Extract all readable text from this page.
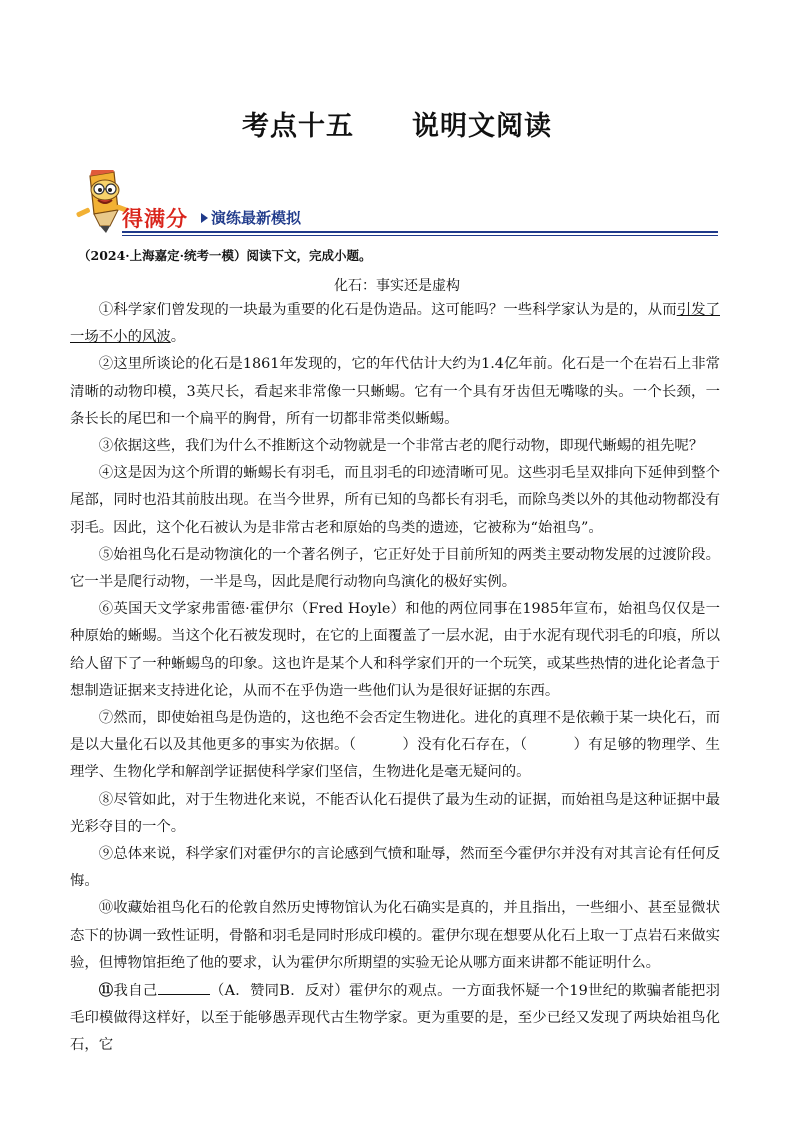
考点十五 说明文阅读
得满分 演练最新模拟
（2024·上海嘉定·统考一模）阅读下文，完成小题。
化石：事实还是虚构

①科学家们曾发现的一块最为重要的化石是伪造品。这可能吗？一些科学家认为是的，从而引发了一场不小的风波。

②这里所谈论的化石是1861年发现的，它的年代估计大约为1.4亿年前。化石是一个在岩石上非常清晰的动物印模，3英尺长，看起来非常像一只蜥蜴。它有一个具有牙齿但无嘴喙的头。一个长颈，一条长长的尾巴和一个扁平的胸骨，所有一切都非常类似蜥蜴。

③依据这些，我们为什么不推断这个动物就是一个非常古老的爬行动物，即现代蜥蜴的祖先呢？

④这是因为这个所谓的蜥蜴长有羽毛，而且羽毛的印迹清晰可见。这些羽毛呈双排向下延伸到整个尾部，同时也沿其前肢出现。在当今世界，所有已知的鸟都长有羽毛，而除鸟类以外的其他动物都没有羽毛。因此，这个化石被认为是非常古老和原始的鸟类的遗迹，它被称为“始祖鸟”。

⑤始祖鸟化石是动物演化的一个著名例子，它正好处于目前所知的两类主要动物发展的过渡阶段。它一半是爬行动物，一半是鸟，因此是爬行动物向鸟演化的极好实例。

⑥英国天文学家弗雷德·霍伊尔（Fred Hoyle）和他的两位同事在1985年宣布，始祖鸟仅仅是一种原始的蜥蜴。当这个化石被发现时，在它的上面覆盖了一层水泥，由于水泥有现代羽毛的印痕，所以给人留下了一种蜥蜴鸟的印象。这也许是某个人和科学家们开的一个玩笑，或某些热情的进化论者急于想制造证据来支持进化论，从而不在乎伪造一些他们认为是很好证据的东西。

⑦然而，即使始祖鸟是伪造的，这也绝不会否定生物进化。进化的真理不是依赖于某一块化石，而是以大量化石以及其他更多的事实为依据。（	）没有化石存在，（	）有足够的物理学、生理学、生物化学和解剖学证据使科学家们坚信，生物进化是毫无疑问的。

⑧尽管如此，对于生物进化来说，不能否认化石提供了最为生动的证据，而始祖鸟是这种证据中最光彩夺目的一个。

⑨总体来说，科学家们对霍伊尔的言论感到气愤和耻辱，然而至今霍伊尔并没有对其言论有任何反悔。

⑩收藏始祖鸟化石的伦敦自然历史博物馆认为化石确实是真的，并且指出，一些细小、甚至显微状态下的协调一致性证明，骨骼和羽毛是同时形成印模的。霍伊尔现在想要从化石上取一丁点岩石来做实验，但博物馆拒绝了他的要求，认为霍伊尔所期望的实验无论从哪方面来讲都不能证明什么。

⑪我自己	（A．赞同B．反对）霍伊尔的观点。一方面我怀疑一个19世纪的欺骗者能把羽毛印模做得这样好，以至于能够愚弄现代古生物学家。更为重要的是，至少已经又发现了两块始祖鸟化石，它
